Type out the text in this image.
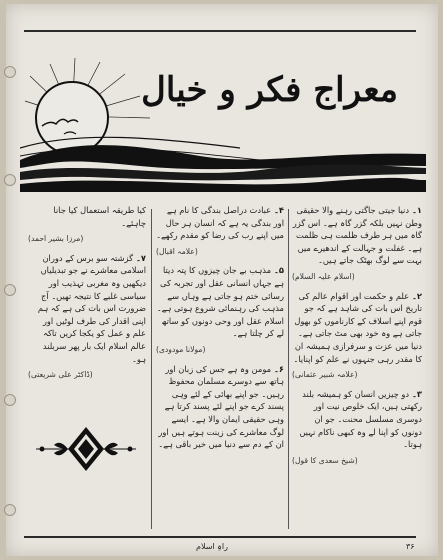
معراج فکر و خیال
۱۔دنیا جیتی جاگتی رہنے والا حقیقی وطن نہیں بلکہ گزر گاہ ہے۔ اس گزر گاہ میں ہر طرف ظلمت ہی ظلمت ہے۔ غفلت و جہالت کے اندھیرے میں بہت سے لوگ بھٹک جاتے ہیں۔
(اسلام علیہ السلام)
۲۔علم و حکمت اور اقوام عالم کی تاریخ اس بات کی شاہد ہے کہ جو قوم اپنے اسلاف کے کارناموں کو بھول جاتی ہے وہ خود بھی مٹ جاتی ہے۔ دنیا میں عزت و سرفرازی ہمیشہ ان کا مقدر رہی جنہوں نے علم کو اپنایا۔
(علامہ شبیر عثمانی)
۳۔دو چیزیں انسان کو ہمیشہ بلند رکھتی ہیں، ایک خلوص نیت اور دوسری مسلسل محنت۔ جو ان دونوں کو اپنا لے وہ کبھی ناکام نہیں ہوتا۔
(شیخ سعدی کا قول)
۴۔عبادت دراصل بندگی کا نام ہے اور بندگی یہ ہے کہ انسان ہر حال میں اپنے رب کی رضا کو مقدم رکھے۔
(علامہ اقبال)
۵۔مذہب بے جان چیزوں کا پتہ دیتا ہے جہاں انسانی عقل اور تجربہ کی رسائی ختم ہو جاتی ہے وہاں سے مذہب کی رہنمائی شروع ہوتی ہے۔ اسلام عقل اور وحی دونوں کو ساتھ لے کر چلتا ہے۔
(مولانا مودودی)
۶۔مومن وہ ہے جس کی زبان اور ہاتھ سے دوسرے مسلمان محفوظ رہیں۔ جو اپنے بھائی کے لئے وہی پسند کرے جو اپنے لئے پسند کرتا ہے وہی حقیقی ایمان والا ہے۔ ایسے لوگ معاشرے کی زینت ہوتے ہیں اور ان کے دم سے دنیا میں خیر باقی ہے۔
کیا طریقہ استعمال کیا جانا چاہئے۔
(مرزا بشیر احمد)
۷۔گزشتہ سو برس کے دوران اسلامی معاشرے نے جو تبدیلیاں دیکھیں وہ مغربی تہذیب اور سیاسی غلبے کا نتیجہ تھیں۔ آج ضرورت اس بات کی ہے کہ ہم اپنی اقدار کی طرف لوٹیں اور علم و عمل کو یکجا کریں تاکہ عالم اسلام ایک بار پھر سربلند ہو۔
(ڈاکٹر علی شریعتی)
راہِ اسلام	۳۶
